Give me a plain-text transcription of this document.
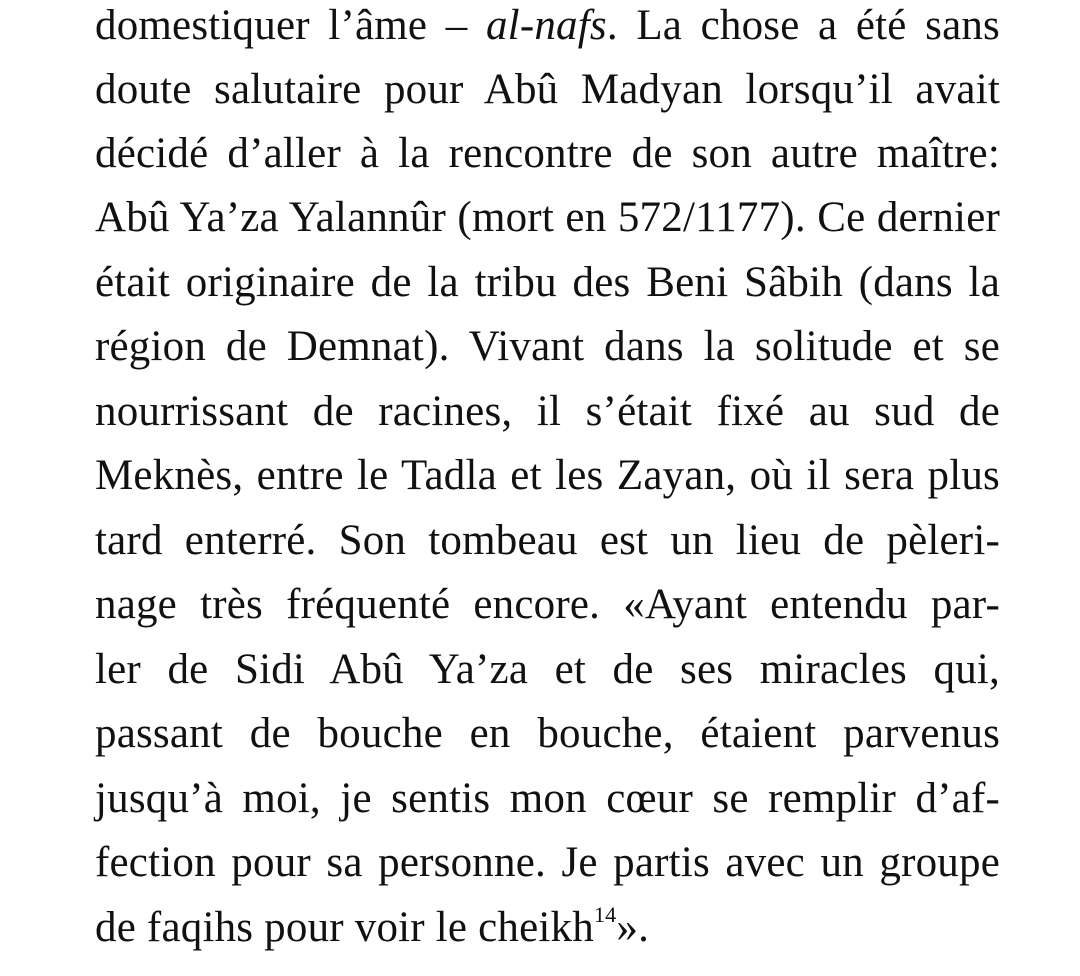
domestiquer l’âme – al-nafs. La chose a été sans
doute salutaire pour Abû Madyan lorsqu’il avait
décidé d’aller à la rencontre de son autre maître:
Abû Ya’za Yalannûr (mort en 572/1177). Ce dernier
était originaire de la tribu des Beni Sâbih (dans la
région de Demnat). Vivant dans la solitude et se
nourrissant de racines, il s’était fixé au sud de
Meknès, entre le Tadla et les Zayan, où il sera plus
tard enterré. Son tombeau est un lieu de pèleri-
nage très fréquenté encore. «Ayant entendu par-
ler de Sidi Abû Ya’za et de ses miracles qui,
passant de bouche en bouche, étaient parvenus
jusqu’à moi, je sentis mon cœur se remplir d’af-
fection pour sa personne. Je partis avec un groupe
de faqihs pour voir le cheikh$^{14}$».
